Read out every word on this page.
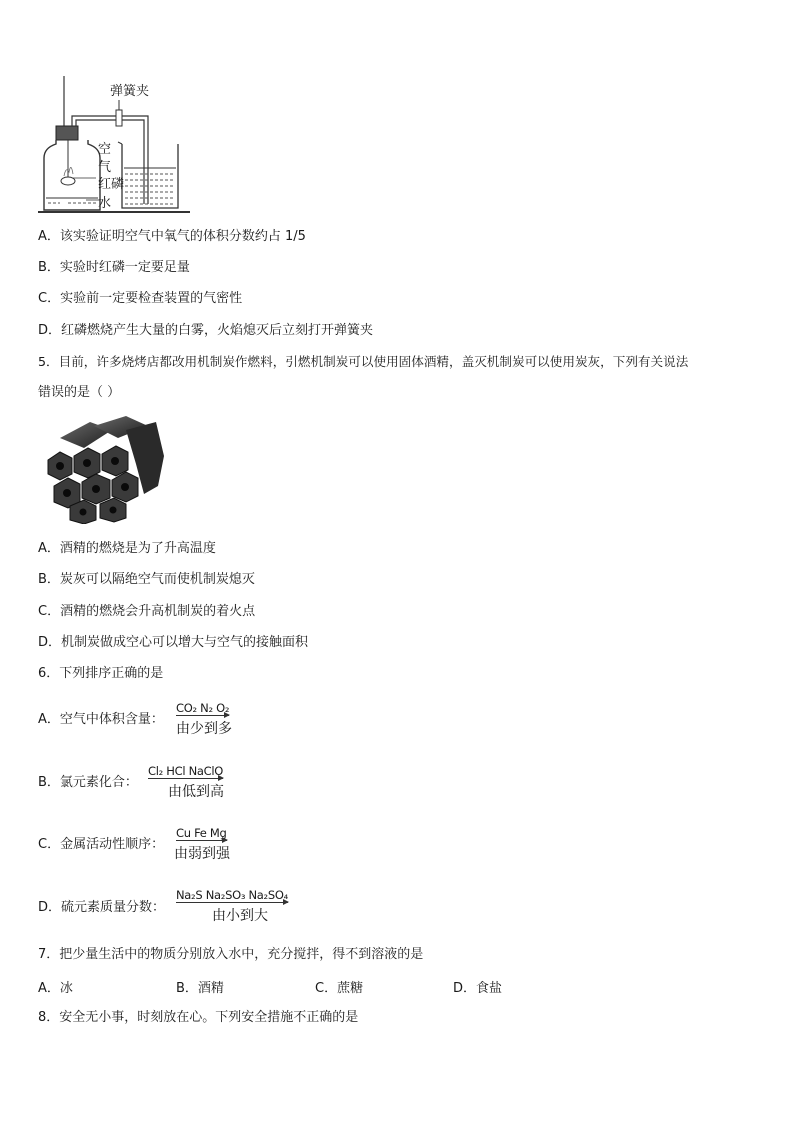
弹簧夹
空
气
红磷
水
A．该实验证明空气中氧气的体积分数约占 1/5
B．实验时红磷一定要足量
C．实验前一定要检查装置的气密性
D．红磷燃烧产生大量的白雾，火焰熄灭后立刻打开弹簧夹
5．目前，许多烧烤店都改用机制炭作燃料，引燃机制炭可以使用固体酒精，盖灭机制炭可以使用炭灰，下列有关说法
错误的是（ ）
A．酒精的燃烧是为了升高温度
B．炭灰可以隔绝空气而使机制炭熄灭
C．酒精的燃烧会升高机制炭的着火点
D．机制炭做成空心可以增大与空气的接触面积
6．下列排序正确的是
A．空气中体积含量：
CO₂ N₂ O₂
由少到多
B．氯元素化合：
Cl₂ HCl NaClO
由低到高
C．金属活动性顺序：
Cu Fe Mg
由弱到强
D．硫元素质量分数：
Na₂S Na₂SO₃ Na₂SO₄
由小到大
7．把少量生活中的物质分别放入水中，充分搅拌，得不到溶液的是
A．冰	B．酒精	C．蔗糖	D．食盐
8．安全无小事，时刻放在心。下列安全措施不正确的是
